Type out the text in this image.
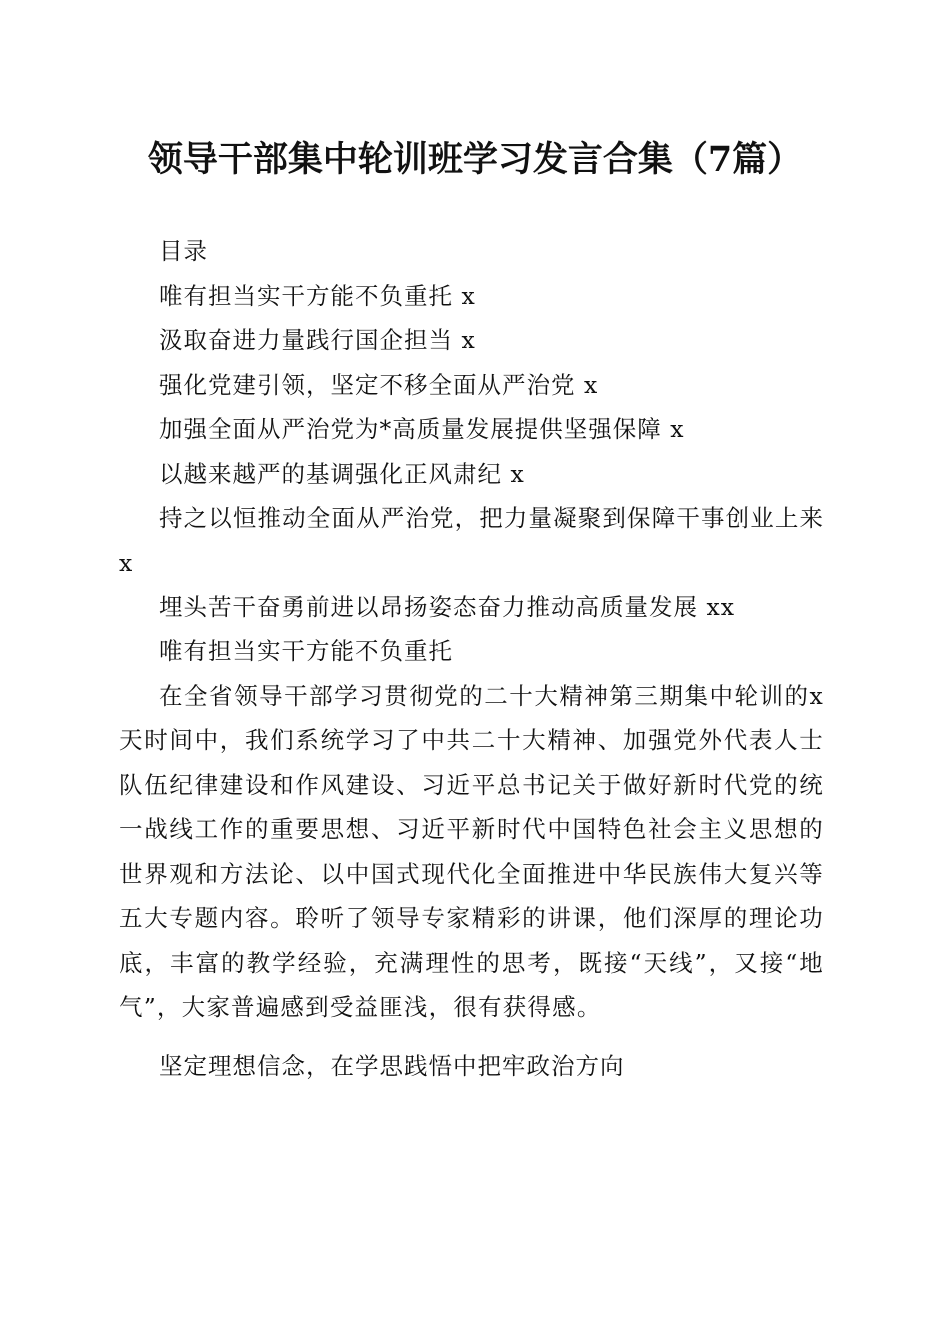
领导干部集中轮训班学习发言合集（7篇）
目录
唯有担当实干方能不负重托 x
汲取奋进力量践行国企担当 x
强化党建引领，坚定不移全面从严治党 x
加强全面从严治党为*高质量发展提供坚强保障 x
以越来越严的基调强化正风肃纪 x
持之以恒推动全面从严治党，把力量凝聚到保障干事创业上来 x
埋头苦干奋勇前进以昂扬姿态奋力推动高质量发展 xx
唯有担当实干方能不负重托

在全省领导干部学习贯彻党的二十大精神第三期集中轮训的x天时间中，我们系统学习了中共二十大精神、加强党外代表人士队伍纪律建设和作风建设、习近平总书记关于做好新时代党的统一战线工作的重要思想、习近平新时代中国特色社会主义思想的世界观和方法论、以中国式现代化全面推进中华民族伟大复兴等五大专题内容。聆听了领导专家精彩的讲课，他们深厚的理论功底，丰富的教学经验，充满理性的思考，既接“天线”，又接“地气”，大家普遍感到受益匪浅，很有获得感。

坚定理想信念，在学思践悟中把牢政治方向
